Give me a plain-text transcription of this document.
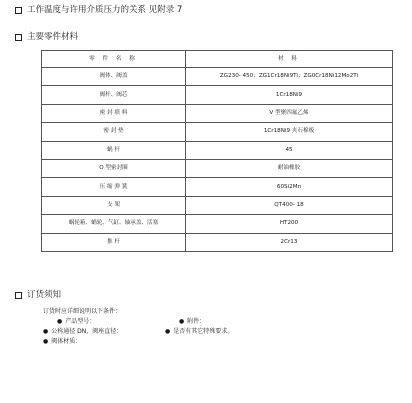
工作温度与许用介质压力的关系 见附录 7
主要零件材料
零 件 名 称	材 料
阀体、阀盖	ZG230- 450；ZG1Cr18Ni9Ti；ZG0Cr18Ni12Mo2Ti
阀杆、阀芯	1Cr18Ni9
密 封 填 料	V 型聚四氟乙烯
密 封 垫	1Cr18Ni9 夹石棉板
蜗 杆	45
O 型密封圈	耐油橡胶
压 缩 弹 簧	60Si2Mn
支 架	QT400- 18
蜗轮箱、蜗轮、气缸、轴承盖、活塞	HT200
推 杆	2Cr13
订货须知
订货时应详细说明以下条件：
● 产品型号：	● 附件：
● 公称通径 DN、阀座直径：	● 是否有其它特殊要求。
● 阀体材质：
